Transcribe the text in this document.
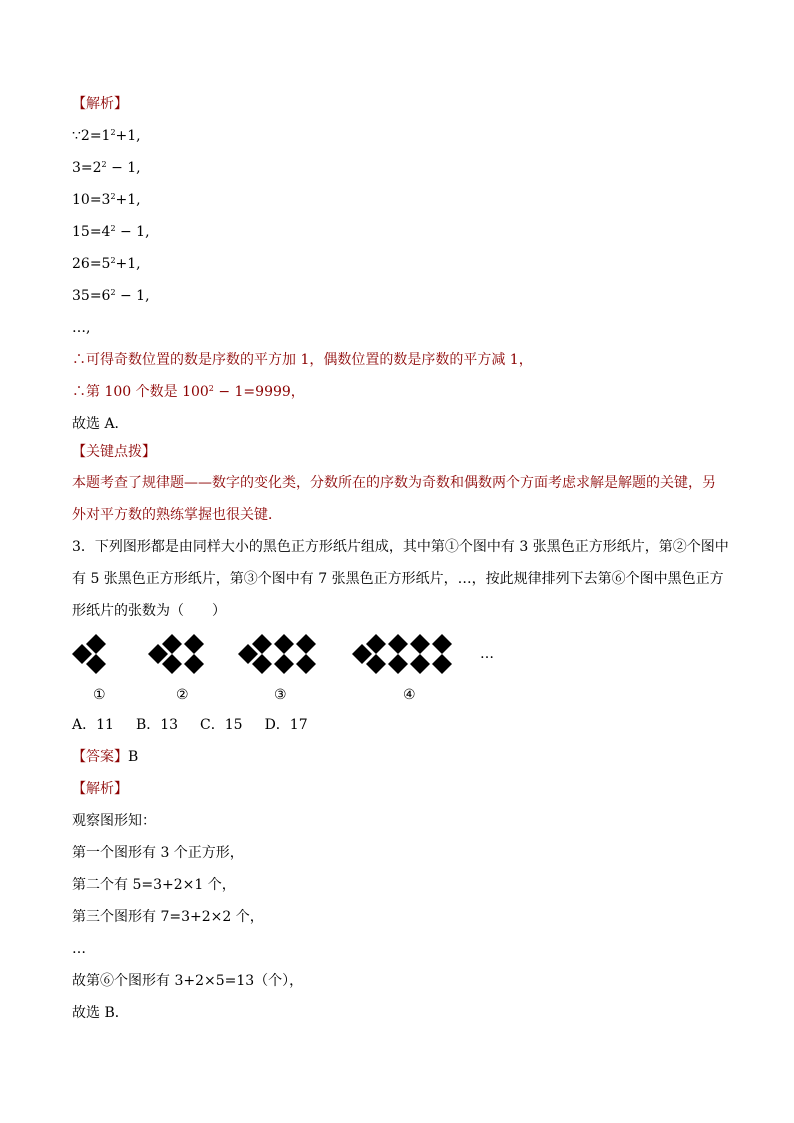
【解析】
$\because 2=1^2+1$,
$3=2^2 - 1$,
$10=3^2+1$,
$15=4^2 - 1$,
$26=5^2+1$,
$35=6^2 - 1$,
…,
∴可得奇数位置的数是序数的平方加 1，偶数位置的数是序数的平方减 1，
∴第 100 个数是 $100^2 - 1=9999$，
故选 A．
【关键点拨】
本题考查了规律题——数字的变化类，分数所在的序数为奇数和偶数两个方面考虑求解是解题的关键，另
外对平方数的熟练掌握也很关键．
3．下列图形都是由同样大小的黑色正方形纸片组成，其中第①个图中有 3 张黑色正方形纸片，第②个图中
有 5 张黑色正方形纸片，第③个图中有 7 张黑色正方形纸片，…，按此规律排列下去第⑥个图中黑色正方
形纸片的张数为（　　）
…
①	②	③	④
A．11 B．13 C．15 D．17
【答案】B
【解析】
观察图形知：
第一个图形有 3 个正方形，
第二个有 5=3+2×1 个，
第三个图形有 7=3+2×2 个，
…
故第⑥个图形有 3+2×5=13（个），
故选 B．
